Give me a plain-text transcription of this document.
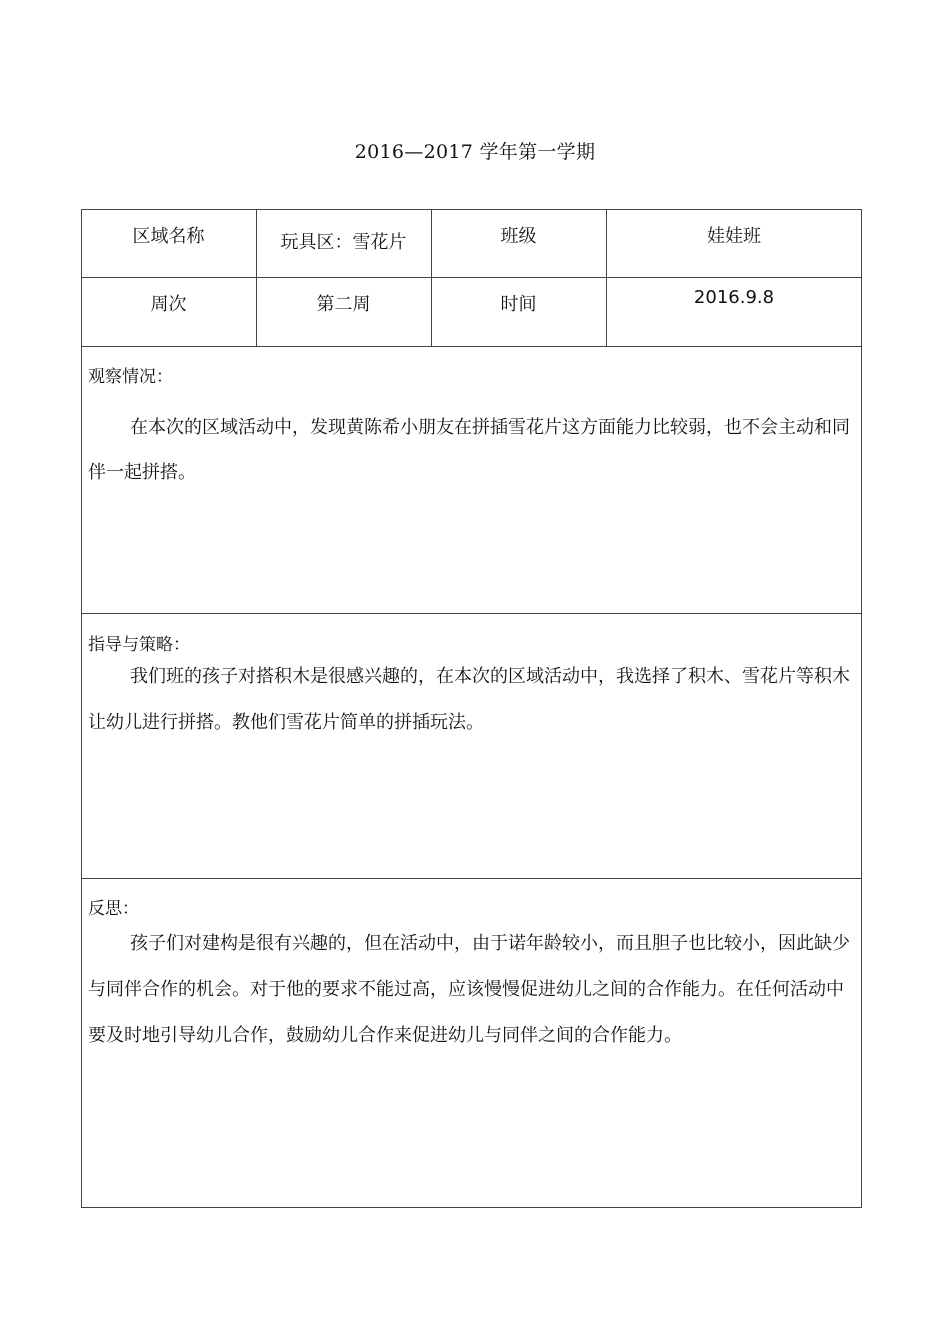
2016—2017 学年第一学期
区域名称	玩具区：雪花片	班级	娃娃班
周次	第二周	时间	2016.9.8
观察情况：

在本次的区域活动中，发现黄陈希小朋友在拼插雪花片这方面能力比较弱，也不会主动和同伴一起拼搭。

指导与策略：

我们班的孩子对搭积木是很感兴趣的，在本次的区域活动中，我选择了积木、雪花片等积木让幼儿进行拼搭。教他们雪花片简单的拼插玩法。

反思：

孩子们对建构是很有兴趣的，但在活动中，由于诺年龄较小，而且胆子也比较小，因此缺少与同伴合作的机会。对于他的要求不能过高，应该慢慢促进幼儿之间的合作能力。在任何活动中要及时地引导幼儿合作，鼓励幼儿合作来促进幼儿与同伴之间的合作能力。
